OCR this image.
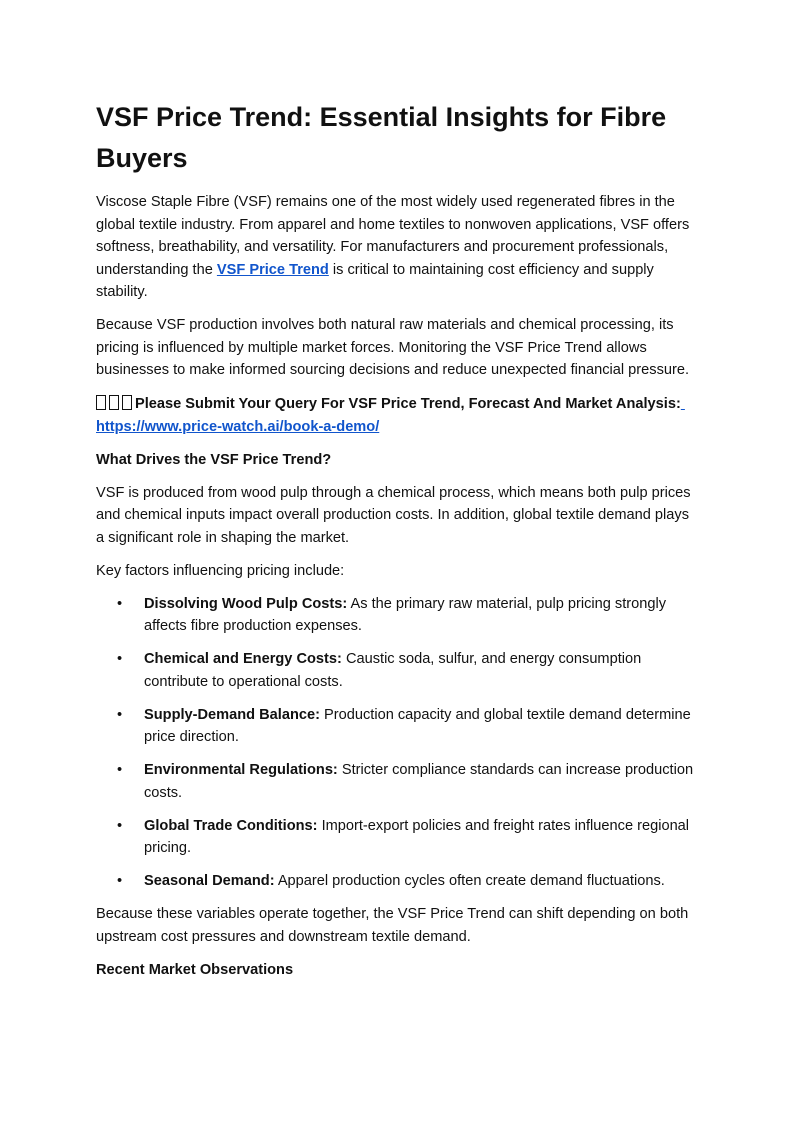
VSF Price Trend: Essential Insights for Fibre Buyers

Viscose Staple Fibre (VSF) remains one of the most widely used regenerated fibres in the global textile industry. From apparel and home textiles to nonwoven applications, VSF offers softness, breathability, and versatility. For manufacturers and procurement professionals, understanding the VSF Price Trend is critical to maintaining cost efficiency and supply stability.

Because VSF production involves both natural raw materials and chemical processing, its pricing is influenced by multiple market forces. Monitoring the VSF Price Trend allows businesses to make informed sourcing decisions and reduce unexpected financial pressure.

Please Submit Your Query For VSF Price Trend, Forecast And Market Analysis:
https://www.price-watch.ai/book-a-demo/

What Drives the VSF Price Trend?

VSF is produced from wood pulp through a chemical process, which means both pulp prices and chemical inputs impact overall production costs. In addition, global textile demand plays a significant role in shaping the market.

Key factors influencing pricing include:

• Dissolving Wood Pulp Costs: As the primary raw material, pulp pricing strongly affects fibre production expenses.
• Chemical and Energy Costs: Caustic soda, sulfur, and energy consumption contribute to operational costs.
• Supply-Demand Balance: Production capacity and global textile demand determine price direction.
• Environmental Regulations: Stricter compliance standards can increase production costs.
• Global Trade Conditions: Import-export policies and freight rates influence regional pricing.
• Seasonal Demand: Apparel production cycles often create demand fluctuations.

Because these variables operate together, the VSF Price Trend can shift depending on both upstream cost pressures and downstream textile demand.

Recent Market Observations
